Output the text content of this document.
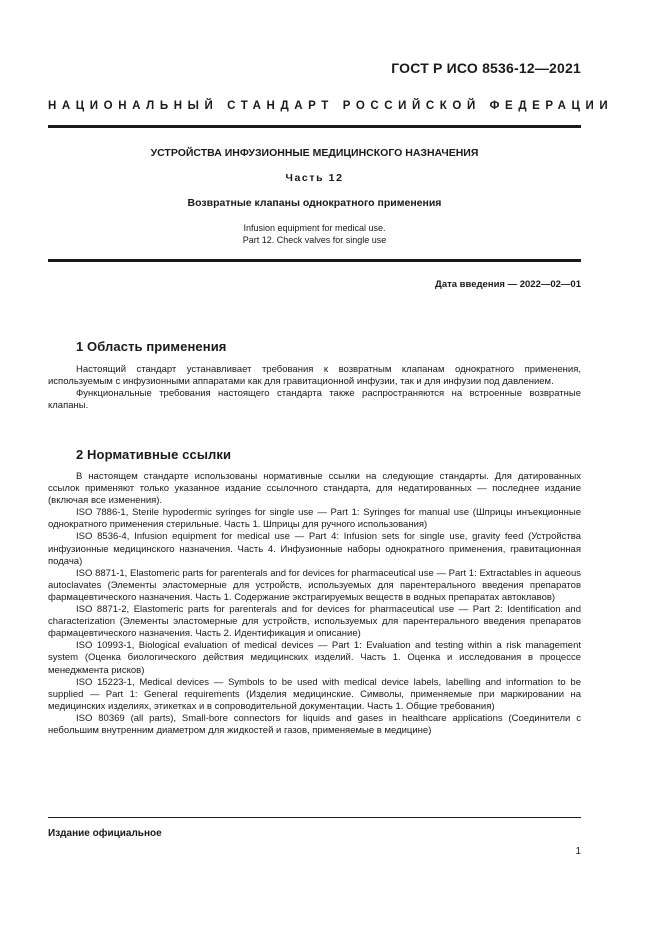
ГОСТ Р ИСО 8536-12—2021
НАЦИОНАЛЬНЫЙ СТАНДАРТ РОССИЙСКОЙ ФЕДЕРАЦИИ
УСТРОЙСТВА ИНФУЗИОННЫЕ МЕДИЦИНСКОГО НАЗНАЧЕНИЯ
Часть 12
Возвратные клапаны однократного применения
Infusion equipment for medical use.
Part 12. Check valves for single use
Дата введения — 2022—02—01
1 Область применения

Настоящий стандарт устанавливает требования к возвратным клапанам однократного применения, используемым с инфузионными аппаратами как для гравитационной инфузии, так и для инфузии под давлением.

Функциональные требования настоящего стандарта также распространяются на встроенные возвратные клапаны.

2 Нормативные ссылки

В настоящем стандарте использованы нормативные ссылки на следующие стандарты. Для датированных ссылок применяют только указанное издание ссылочного стандарта, для недатированных — последнее издание (включая все изменения).

ISO 7886-1, Sterile hypodermic syringes for single use — Part 1: Syringes for manual use (Шприцы инъекционные однократного применения стерильные. Часть 1. Шприцы для ручного использования)

ISO 8536-4, Infusion equipment for medical use — Part 4: Infusion sets for single use, gravity feed (Устройства инфузионные медицинского назначения. Часть 4. Инфузионные наборы однократного применения, гравитационная подача)

ISO 8871-1, Elastomeric parts for parenterals and for devices for pharmaceutical use — Part 1: Extractables in aqueous autoclavates (Элементы эластомерные для устройств, используемых для парентерального введения препаратов фармацевтического назначения. Часть 1. Содержание экстрагируемых веществ в водных препаратах автоклавов)

ISO 8871-2, Elastomeric parts for parenterals and for devices for pharmaceutical use — Part 2: Identification and characterization (Элементы эластомерные для устройств, используемых для парентерального введения препаратов фармацевтического назначения. Часть 2. Идентификация и описание)

ISO 10993-1, Biological evaluation of medical devices — Part 1: Evaluation and testing within a risk management system (Оценка биологического действия медицинских изделий. Часть 1. Оценка и исследования в процессе менеджмента рисков)

ISO 15223-1, Medical devices — Symbols to be used with medical device labels, labelling and information to be supplied — Part 1: General requirements (Изделия медицинские. Символы, применяемые при маркировании на медицинских изделиях, этикетках и в сопроводительной документации. Часть 1. Общие требования)

ISO 80369 (all parts), Small-bore connectors for liquids and gases in healthcare applications (Соединители с небольшим внутренним диаметром для жидкостей и газов, применяемые в медицине)

Издание официальное
1
